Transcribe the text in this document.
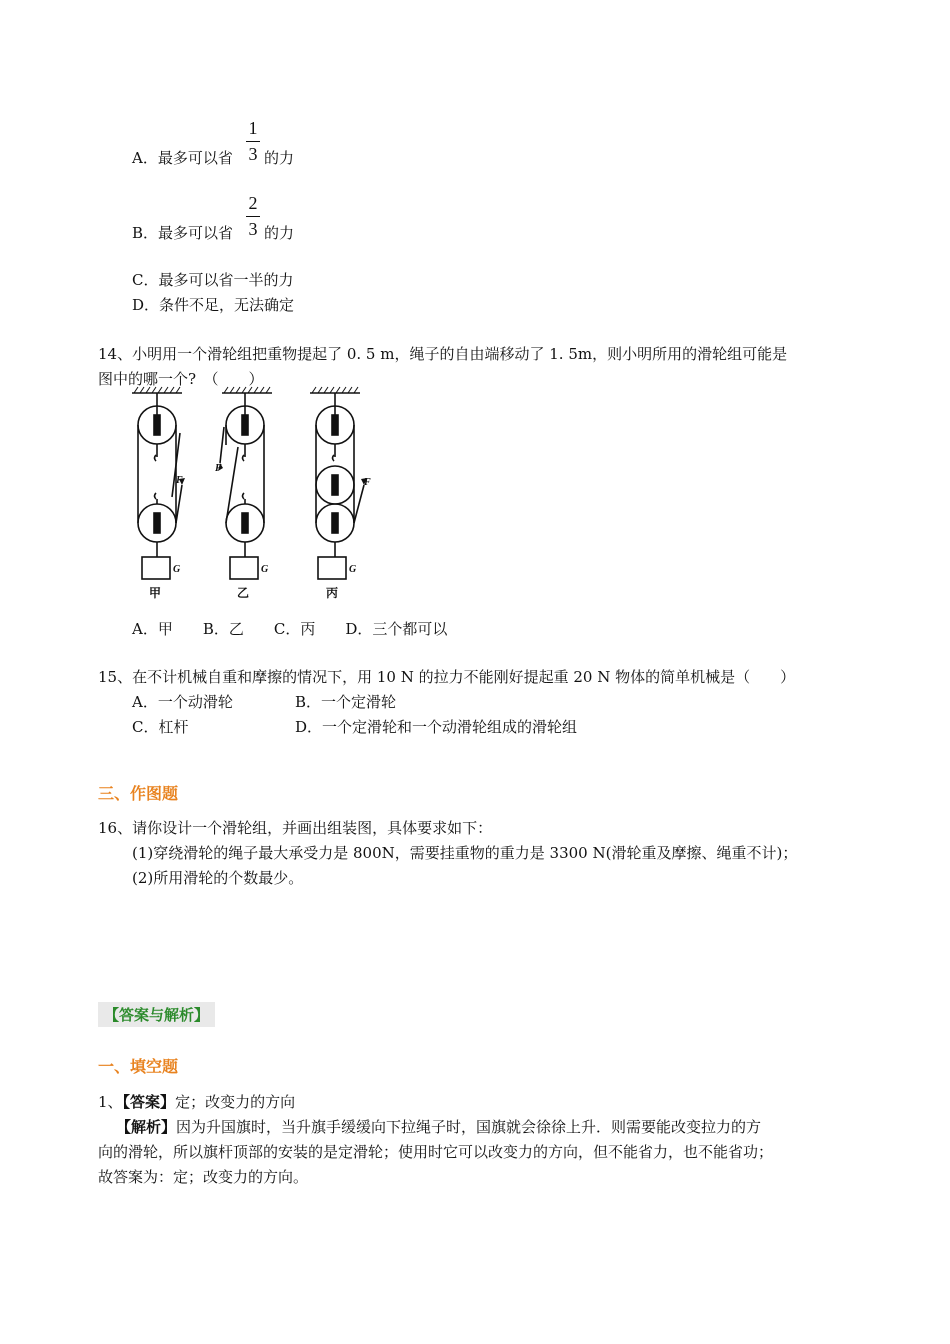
A．最多可以省
1
3 的力
B．最多可以省
2
3 的力
C．最多可以省一半的力
D．条件不足，无法确定
14、小明用一个滑轮组把重物提起了 0. 5 m，绳子的自由端移动了 1. 5m，则小明所用的滑轮组可能是
图中的哪一个?　（　　）
F
F
F
G	G	G
甲	乙	丙
A．甲　　B．乙　　C．丙　　D．三个都可以
15、在不计机械自重和摩擦的情况下，用 10 N 的拉力不能刚好提起重 20 N 物体的简单机械是（　　）
A．一个动滑轮	B．一个定滑轮
C．杠杆	D．一个定滑轮和一个动滑轮组成的滑轮组
三、作图题
16、请你设计一个滑轮组，并画出组装图，具体要求如下：
(1)穿绕滑轮的绳子最大承受力是 800N，需要挂重物的重力是 3300 N(滑轮重及摩擦、绳重不计)；
(2)所用滑轮的个数最少。
【答案与解析】
一、填空题
1、【答案】定；改变力的方向
【解析】因为升国旗时，当升旗手缓缓向下拉绳子时，国旗就会徐徐上升．则需要能改变拉力的方
向的滑轮，所以旗杆顶部的安装的是定滑轮；使用时它可以改变力的方向，但不能省力，也不能省功；
故答案为：定；改变力的方向。
